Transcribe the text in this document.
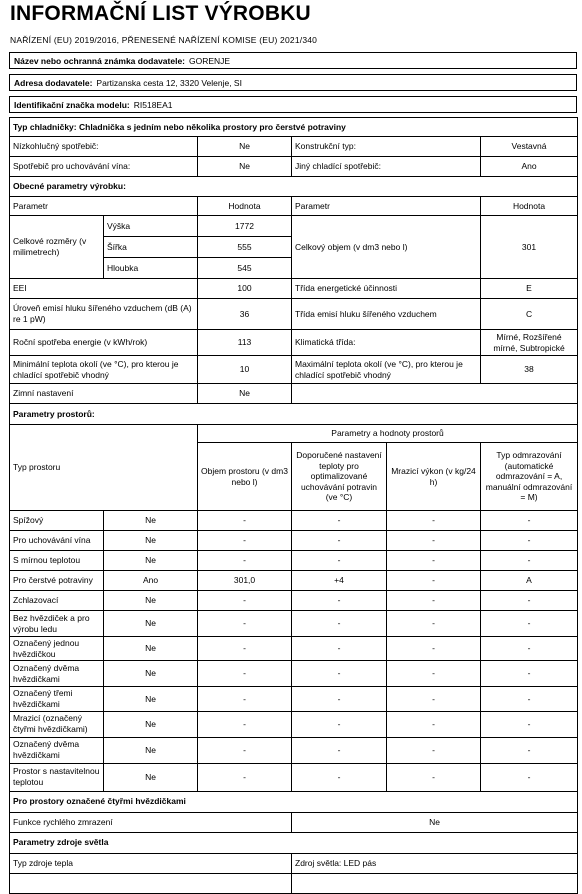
INFORMAČNÍ LIST VÝROBKU
NAŘÍZENÍ (EU) 2019/2016, PŘENESENÉ NAŘÍZENÍ KOMISE (EU) 2021/340
Název nebo ochranná známka dodavatele: GORENJE
Adresa dodavatele: Partizanska cesta 12, 3320 Velenje, SI
Identifikační značka modelu: RI518EA1
Typ chladničky: Chladnička s jedním nebo několika prostory pro čerstvé potraviny					
Nízkohlučný spotřebič:		Ne	Konstrukční typ:		Vestavná
Spotřebič pro uchovávání vína:		Ne	Jiný chladící spotřebič:		Ano
Obecné parametry výrobku:					
Parametr		Hodnota	Parametr		Hodnota
Celkové rozměry (v milimetrech)	Výška	1772	Celkový objem (v dm3 nebo l)		301
	Šířka	555			
	Hloubka	545			
EEI		100	Třída energetické účinnosti		E
Úroveň emisí hluku šířeného vzduchem (dB (A) re 1 pW)		36	Třída emisí hluku šířeného vzduchem		C
Roční spotřeba energie (v kWh/rok)		113	Klimatická třída:		Mírné, Rozšířené mírné, Subtropické
Minimální teplota okolí (ve °C), pro kterou je chladící spotřebič vhodný		10	Maximální teplota okolí (ve °C), pro kterou je chladící spotřebič vhodný		38
Zimní nastavení		Ne			
Parametry prostorů:					
Typ prostoru		Parametry a hodnoty prostorů			
		Objem prostoru (v dm3 nebo l)	Doporučené nastavení teploty pro optimalizované uchovávání potravin (ve °C)	Mrazicí výkon (v kg/24 h)	Typ odmrazování (automatické odmrazování = A, manuální odmrazování = M)
Spížový	Ne	-	-	-	-
Pro uchovávání vína	Ne	-	-	-	-
S mírnou teplotou	Ne	-	-	-	-
Pro čerstvé potraviny	Ano	301,0	+4	-	A
Zchlazovací	Ne	-	-	-	-
Bez hvězdiček a pro výrobu ledu	Ne	-	-	-	-
Označený jednou hvězdičkou	Ne	-	-	-	-
Označený dvěma hvězdičkami	Ne	-	-	-	-
Označený třemi hvězdičkami	Ne	-	-	-	-
Mrazicí (označený čtyřmi hvězdičkami)	Ne	-	-	-	-
Označený dvěma hvězdičkami	Ne	-	-	-	-
Prostor s nastavitelnou teplotou	Ne	-	-	-	-
Pro prostory označené čtyřmi hvězdičkami					
Funkce rychlého zmrazení			Ne		
Parametry zdroje světla					
Typ zdroje tepla			Zdroj světla: LED pás		
